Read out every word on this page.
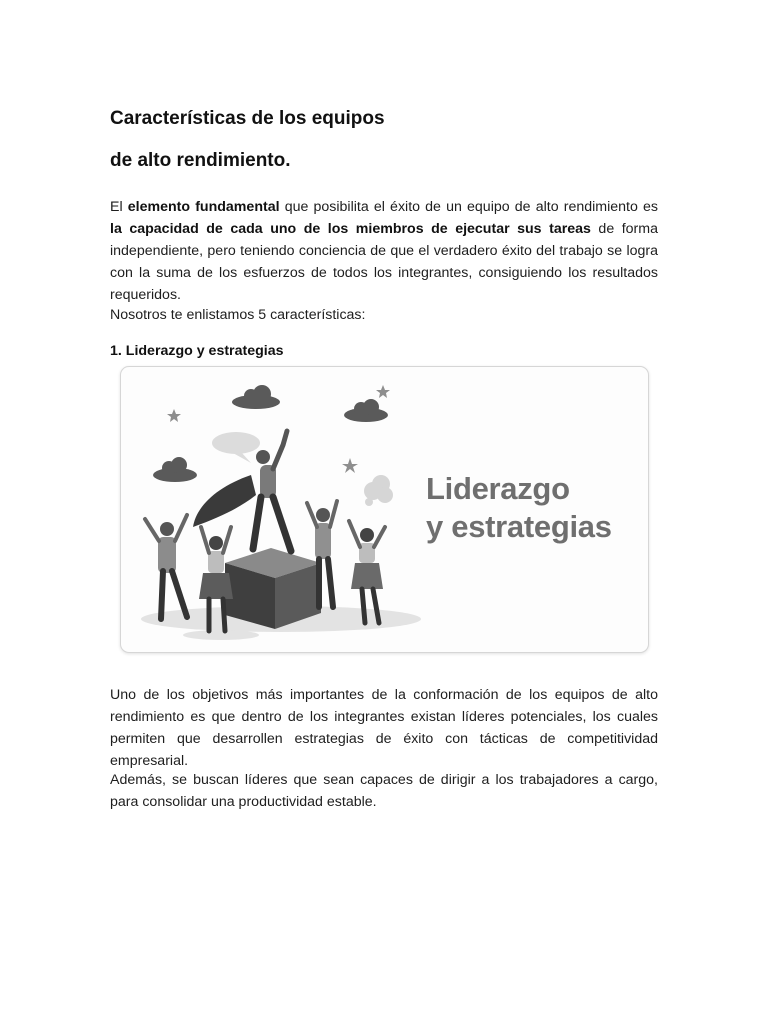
Características de los equipos
de alto rendimiento.

El elemento fundamental que posibilita el éxito de un equipo de alto rendimiento es la capacidad de cada uno de los miembros de ejecutar sus tareas de forma independiente, pero teniendo conciencia de que el verdadero éxito del trabajo se logra con la suma de los esfuerzos de todos los integrantes, consiguiendo los resultados requeridos.

Nosotros te enlistamos 5 características:

1. Liderazgo y estrategias

Liderazgo
y estrategias

Uno de los objetivos más importantes de la conformación de los equipos de alto rendimiento es que dentro de los integrantes existan líderes potenciales, los cuales permiten que desarrollen estrategias de éxito con tácticas de competitividad empresarial.

Además, se buscan líderes que sean capaces de dirigir a los trabajadores a cargo, para consolidar una productividad estable.
